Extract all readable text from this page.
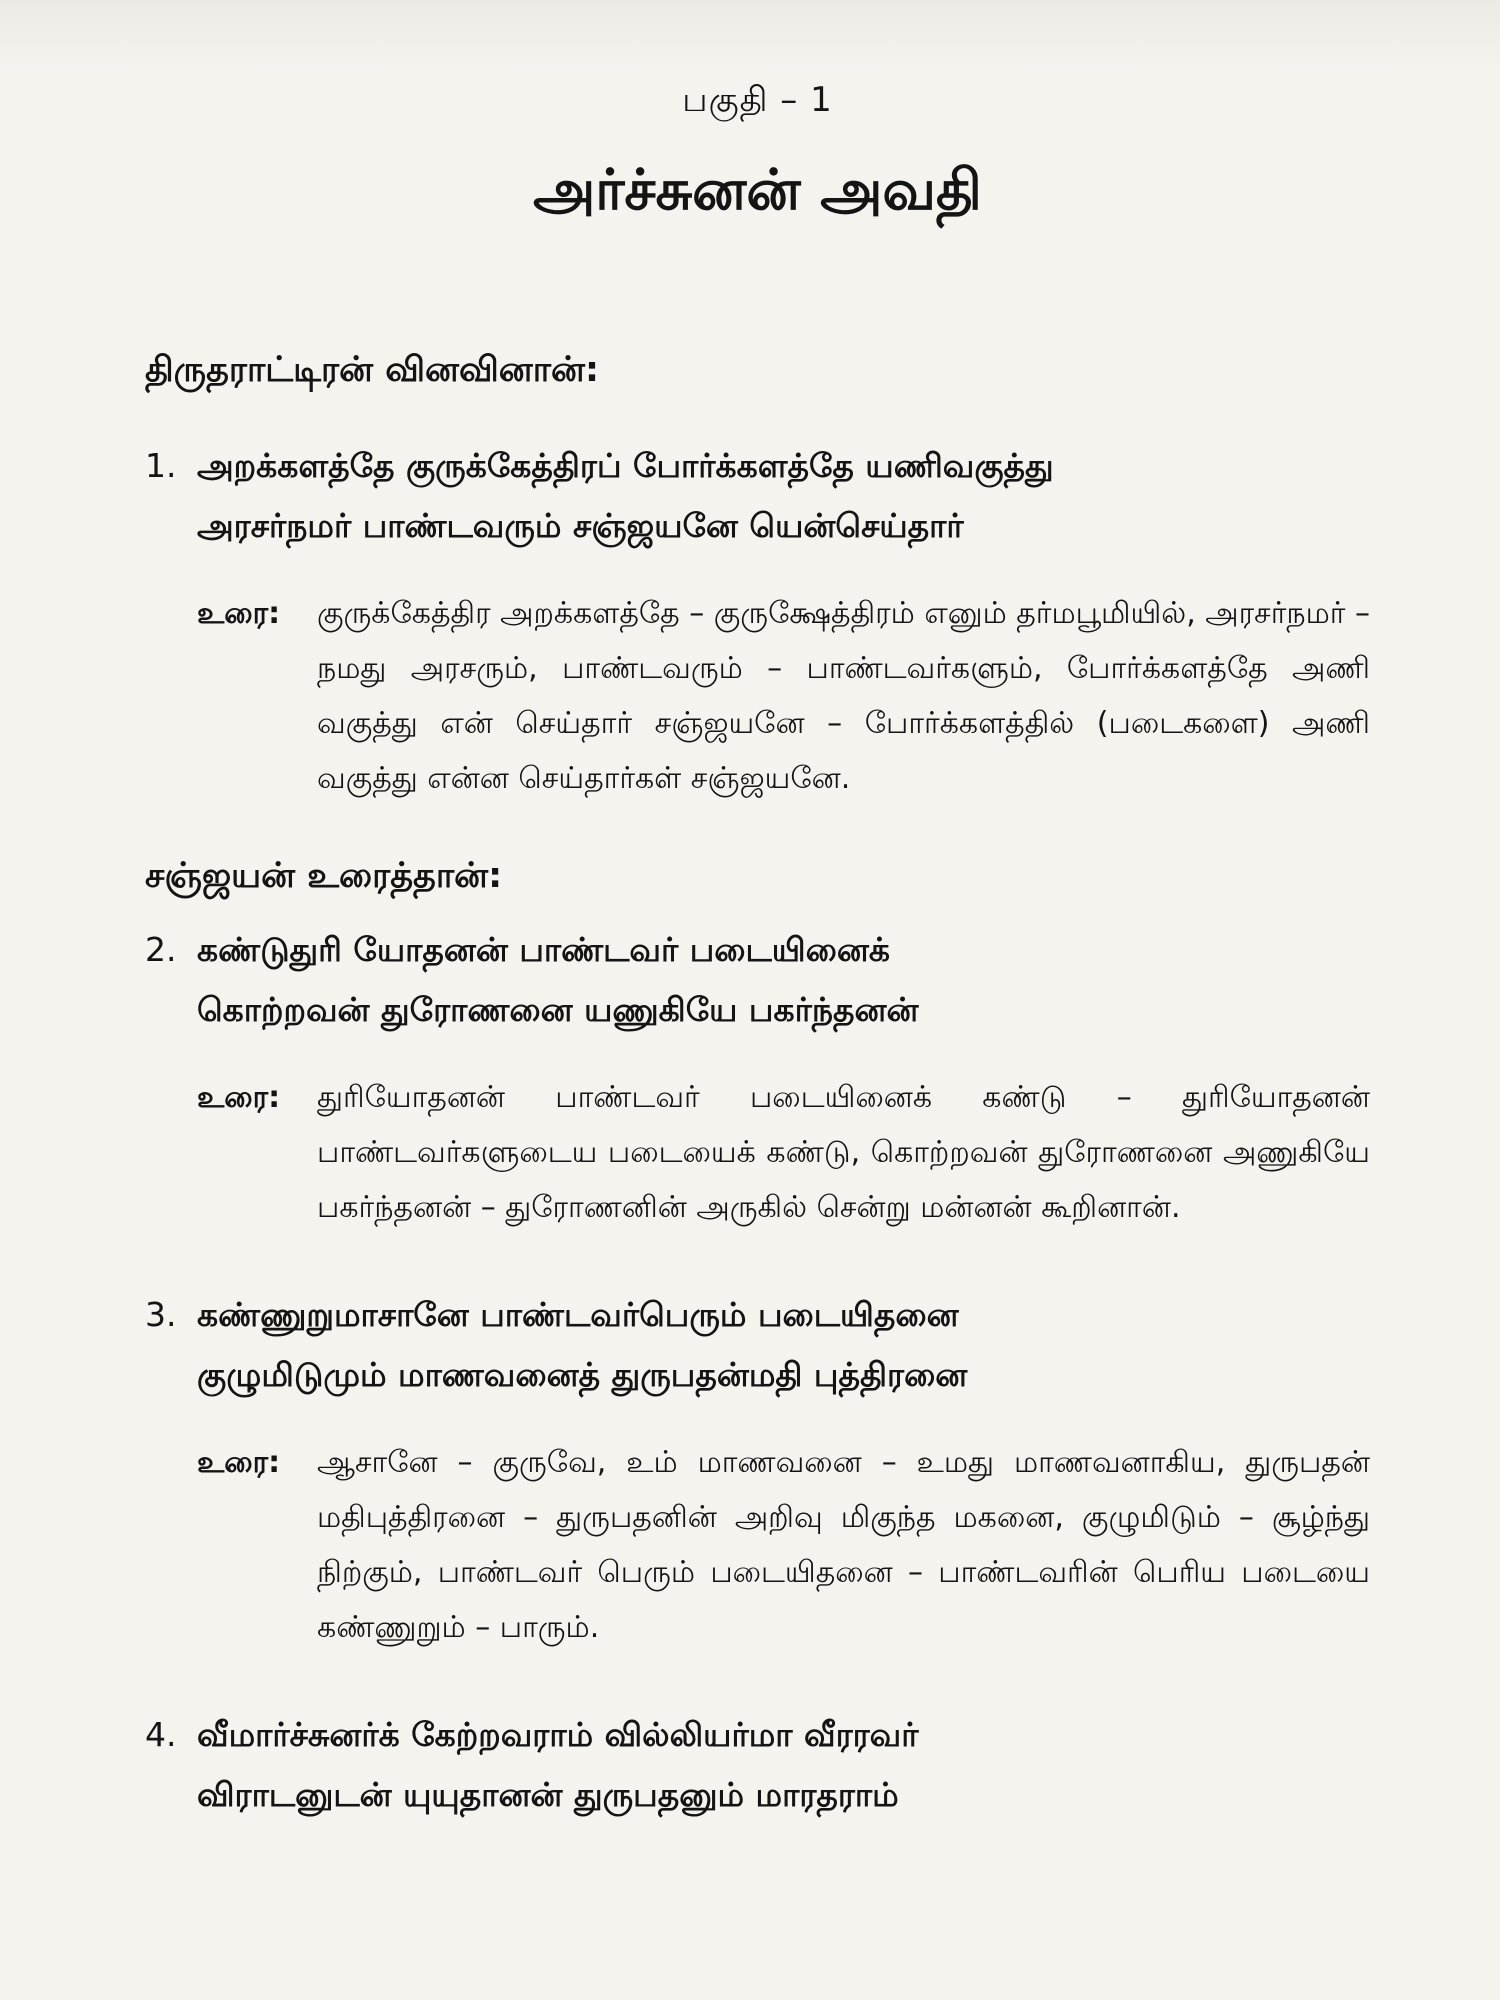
பகுதி – 1
அர்ச்சுனன் அவதி
திருதராட்டிரன் வினவினான்:
1. அறக்களத்தே குருக்கேத்திரப் போர்க்களத்தே யணிவகுத்து
அரசர்நமர் பாண்டவரும் சஞ்ஜயனே யென்செய்தார்
உரை:	குருக்கேத்திர அறக்களத்தே – குருக்ஷேத்திரம் எனும் தர்மபூமியில், அரசர்நமர் – நமது அரசரும், பாண்டவரும் – பாண்டவர்களும், போர்க்களத்தே அணி வகுத்து என் செய்தார் சஞ்ஜயனே – போர்க்களத்தில் (படைகளை) அணி வகுத்து என்ன செய்தார்கள் சஞ்ஜயனே.
சஞ்ஜயன் உரைத்தான்:
2. கண்டுதுரி யோதனன் பாண்டவர் படையினைக்
கொற்றவன் துரோணனை யணுகியே பகர்ந்தனன்
உரை:	துரியோதனன் பாண்டவர் படையினைக் கண்டு – துரியோதனன் பாண்டவர்களுடைய படையைக் கண்டு, கொற்றவன் துரோணனை அணுகியே பகர்ந்தனன் – துரோணனின் அருகில் சென்று மன்னன் கூறினான்.
3. கண்ணுறுமாசானே பாண்டவர்பெரும் படையிதனை
குழுமிடுமும் மாணவனைத் துருபதன்மதி புத்திரனை
உரை:	ஆசானே – குருவே, உம் மாணவனை – உமது மாணவனாகிய, துருபதன் மதிபுத்திரனை – துருபதனின் அறிவு மிகுந்த மகனை, குழுமிடும் – சூழ்ந்து நிற்கும், பாண்டவர் பெரும் படையிதனை – பாண்டவரின் பெரிய படையை கண்ணுறும் – பாரும்.
4. வீமார்ச்சுனர்க் கேற்றவராம் வில்லியர்மா வீரரவர்
விராடனுடன் யுயுதானன் துருபதனும் மாரதராம்
